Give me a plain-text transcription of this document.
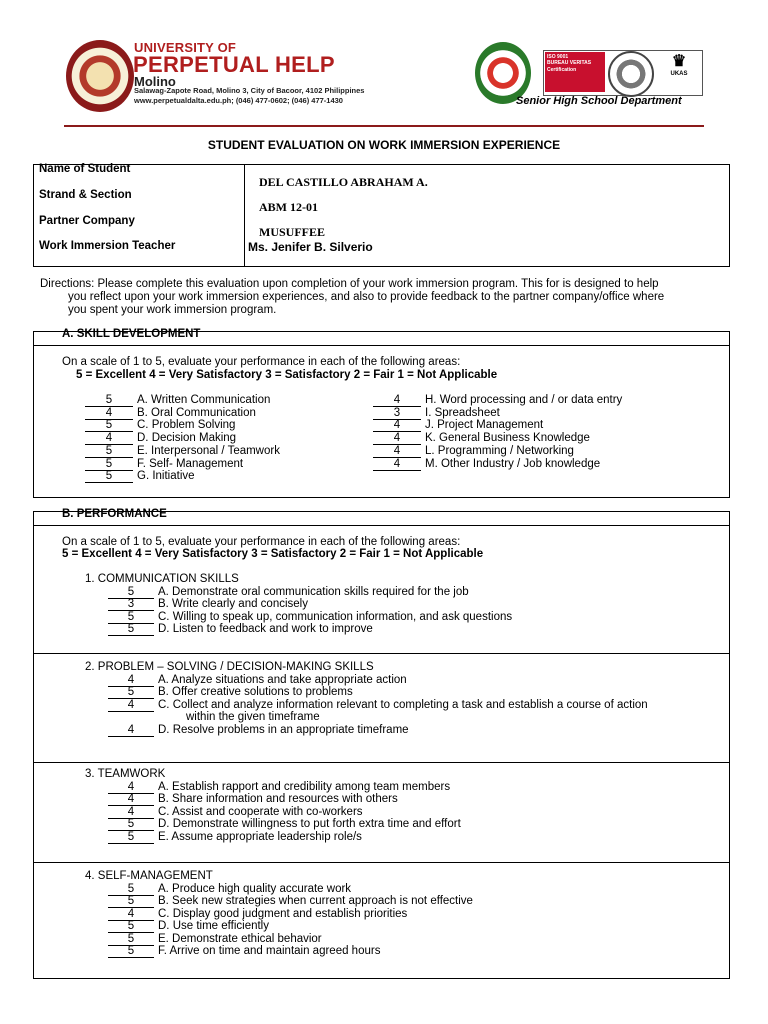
UNIVERSITY OF
PERPETUAL HELP
Molino
Salawag-Zapote Road, Molino 3, City of Bacoor, 4102 Philippines
www.perpetualdalta.edu.ph; (046) 477-0602; (046) 477-1430
ISO 9001
BUREAU VERITAS
Certification	♛
UKAS
Senior High School Department
STUDENT EVALUATION ON WORK IMMERSION EXPERIENCE
Name of Student
DEL CASTILLO ABRAHAM A.
Strand & Section
ABM 12-01
Partner Company
MUSUFFEE
Work Immersion Teacher	Ms. Jenifer B. Silverio
Directions: Please complete this evaluation upon completion of your work immersion program. This for is designed to help
you reflect upon your work immersion experiences, and also to provide feedback to the partner company/office where
you spent your work immersion program.
A. SKILL DEVELOPMENT
On a scale of 1 to 5, evaluate your performance in each of the following areas:
5 = Excellent 4 = Very Satisfactory 3 = Satisfactory 2 = Fair 1 = Not Applicable
5 A. Written Communication
4 B. Oral Communication
5 C. Problem Solving
4 D. Decision Making
5 E. Interpersonal / Teamwork
5 F. Self- Management
5 G. Initiative
4 H. Word processing and / or data entry
3 I. Spreadsheet
4 J. Project Management
4 K. General Business Knowledge
4 L. Programming / Networking
4 M. Other Industry / Job knowledge
B. PERFORMANCE
On a scale of 1 to 5, evaluate your performance in each of the following areas:
5 = Excellent 4 = Very Satisfactory 3 = Satisfactory 2 = Fair 1 = Not Applicable
1. COMMUNICATION SKILLS
5 A. Demonstrate oral communication skills required for the job
3 B. Write clearly and concisely
5 C. Willing to speak up, communication information, and ask questions
5 D. Listen to feedback and work to improve
2. PROBLEM – SOLVING / DECISION-MAKING SKILLS
4 A. Analyze situations and take appropriate action
5 B. Offer creative solutions to problems
4 C. Collect and analyze information relevant to completing a task and establish a course of action
within the given timeframe
4 D. Resolve problems in an appropriate timeframe
3. TEAMWORK
4 A. Establish rapport and credibility among team members
4 B. Share information and resources with others
4 C. Assist and cooperate with co-workers
5 D. Demonstrate willingness to put forth extra time and effort
5 E. Assume appropriate leadership role/s
4. SELF-MANAGEMENT
5 A. Produce high quality accurate work
5 B. Seek new strategies when current approach is not effective
4 C. Display good judgment and establish priorities
5 D. Use time efficiently
5 E. Demonstrate ethical behavior
5 F. Arrive on time and maintain agreed hours
